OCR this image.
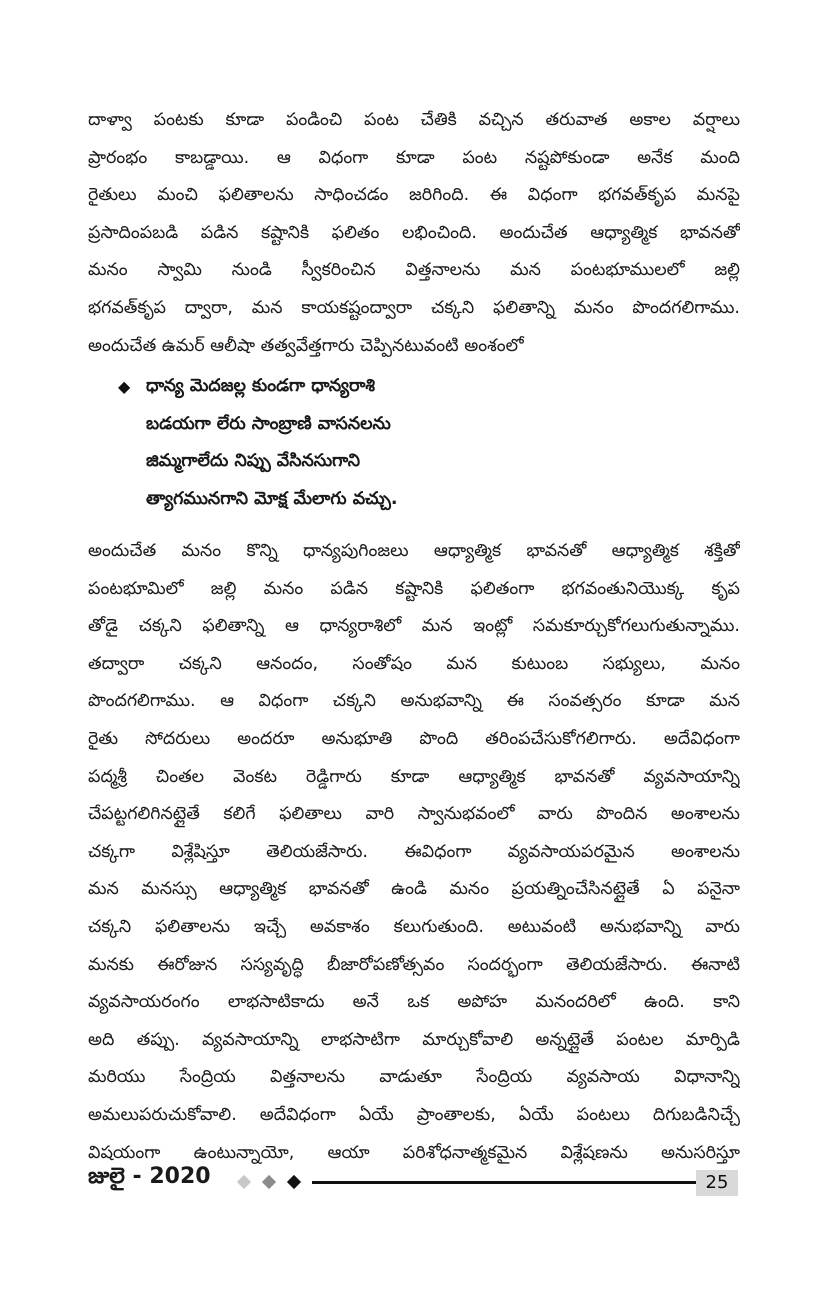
దాళ్వా పంటకు కూడా పండించి పంట చేతికి వచ్చిన తరువాత అకాల వర్షాలు
ప్రారంభం కాబడ్డాయి. ఆ విధంగా కూడా పంట నష్టపోకుండా అనేక మంది
రైతులు మంచి ఫలితాలను సాధించడం జరిగింది. ఈ విధంగా భగవత్‌కృప మనపై
ప్రసాదింపబడి పడిన కష్టానికి ఫలితం లభించింది. అందుచేత ఆధ్యాత్మిక భావనతో
మనం స్వామి నుండి స్వీకరించిన విత్తనాలను మన పంటభూములలో జల్లి
భగవత్‌కృప ద్వారా, మన కాయకష్టంద్వారా చక్కని ఫలితాన్ని మనం పొందగలిగాము.
అందుచేత ఉమర్ ఆలీషా తత్వవేత్తగారు చెప్పినటువంటి అంశంలో
◆ ధాన్య మెదజల్ల కుండగా ధాన్యరాశి
బడయగా లేరు సాంబ్రాణి వాసనలను
జిమ్మగాలేదు నిప్పు వేసినసుగాని
త్యాగమునగాని మోక్ష మేలాగు వచ్చు.
అందుచేత మనం కొన్ని ధాన్యపుగింజలు ఆధ్యాత్మిక భావనతో ఆధ్యాత్మిక శక్తితో
పంటభూమిలో జల్లి మనం పడిన కష్టానికి ఫలితంగా భగవంతునియొక్క కృప
తోడై చక్కని ఫలితాన్ని ఆ ధాన్యరాశిలో మన ఇంట్లో సమకూర్చుకోగలుగుతున్నాము.
తద్వారా చక్కని ఆనందం, సంతోషం మన కుటుంబ సభ్యులు, మనం
పొందగలిగాము. ఆ విధంగా చక్కని అనుభవాన్ని ఈ సంవత్సరం కూడా మన
రైతు సోదరులు అందరూ అనుభూతి పొంది తరింపచేసుకోగలిగారు. అదేవిధంగా
పద్మశ్రీ చింతల వెంకట రెడ్డిగారు కూడా ఆధ్యాత్మిక భావనతో వ్యవసాయాన్ని
చేపట్టగలిగినట్లైతే కలిగే ఫలితాలు వారి స్వానుభవంలో వారు పొందిన అంశాలను
చక్కగా విశ్లేషిస్తూ తెలియజేసారు. ఈవిధంగా వ్యవసాయపరమైన అంశాలను
మన మనస్సు ఆధ్యాత్మిక భావనతో ఉండి మనం ప్రయత్నించేసినట్లైతే ఏ పనైనా
చక్కని ఫలితాలను ఇచ్చే అవకాశం కలుగుతుంది. అటువంటి అనుభవాన్ని వారు
మనకు ఈరోజున సస్యవృద్ధి బీజారోపణోత్సవం సందర్భంగా తెలియజేసారు. ఈనాటి
వ్యవసాయరంగం లాభసాటికాదు అనే ఒక అపోహ మనందరిలో ఉంది. కాని
అది తప్పు. వ్యవసాయాన్ని లాభసాటిగా మార్చుకోవాలి అన్నట్లైతే పంటల మార్పిడి
మరియు సేంద్రియ విత్తనాలను వాడుతూ సేంద్రియ వ్యవసాయ విధానాన్ని
అమలుపరుచుకోవాలి. అదేవిధంగా ఏయే ప్రాంతాలకు, ఏయే పంటలు దిగుబడినిచ్చే
విషయంగా ఉంటున్నాయో, ఆయా పరిశోధనాత్మకమైన విశ్లేషణను అనుసరిస్తూ
జులై - 2020	25
